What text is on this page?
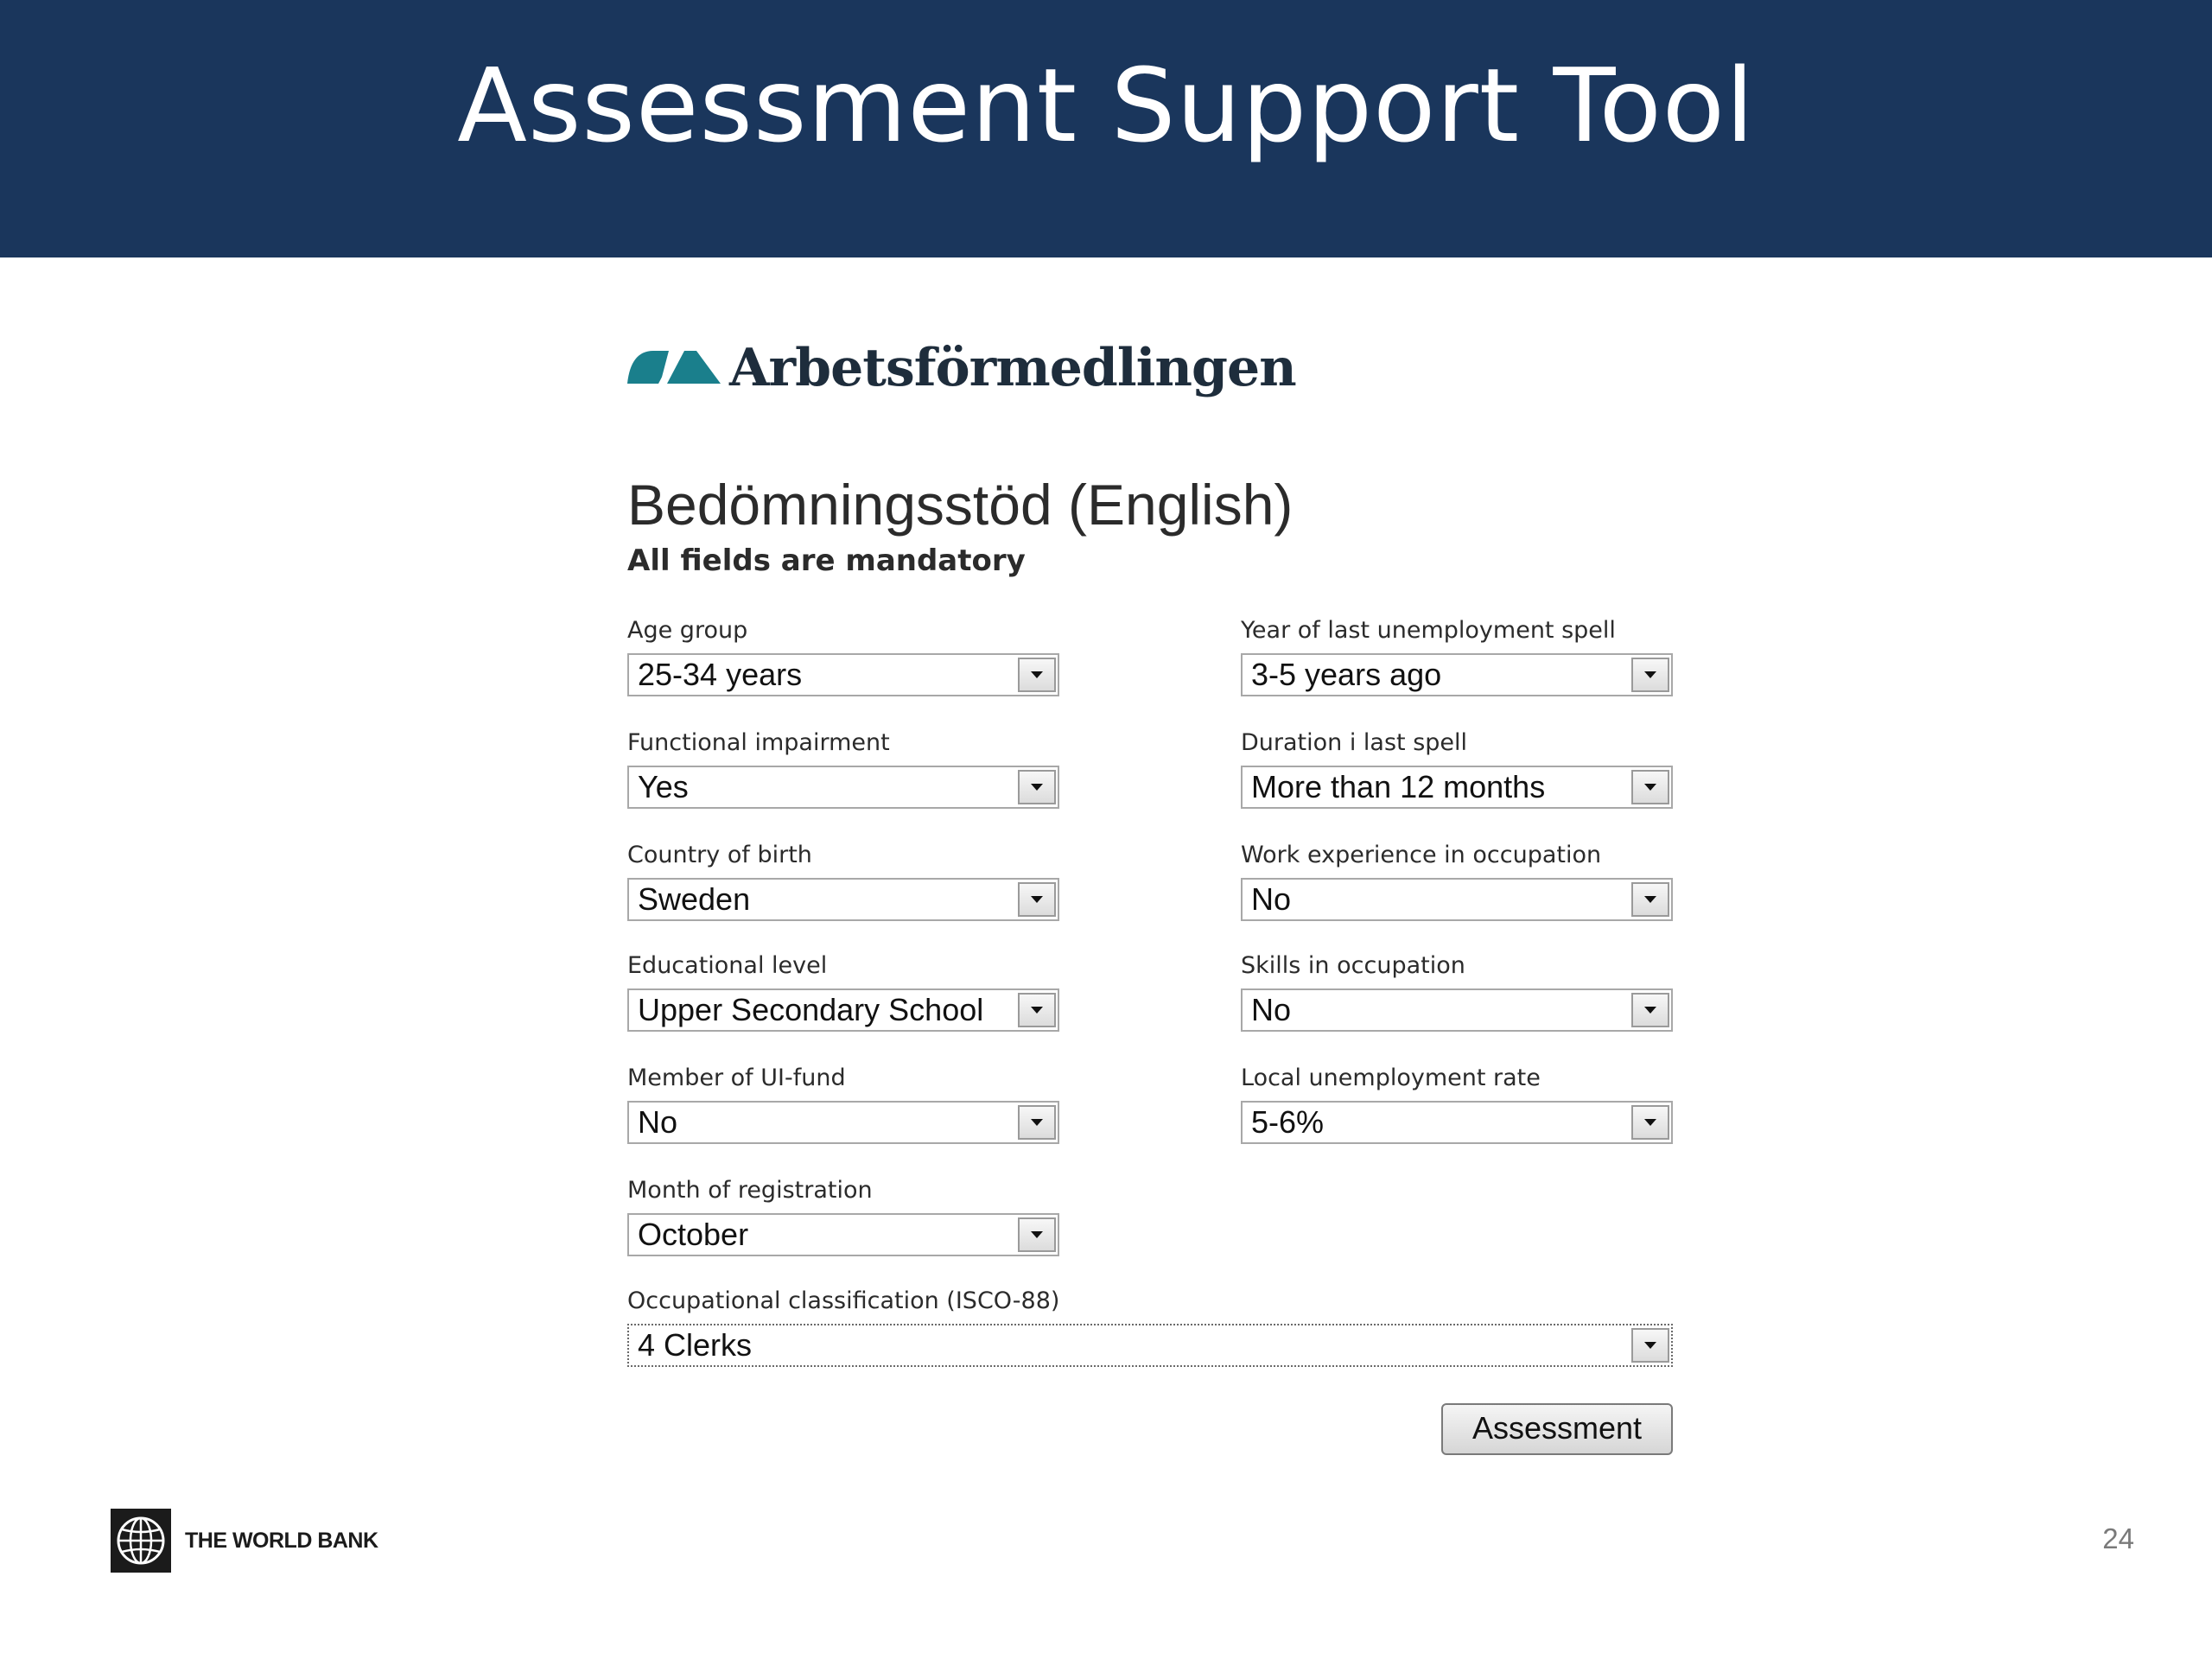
Assessment Support Tool
Arbetsförmedlingen
Bedömningsstöd (English)
All fields are mandatory
Age group
25-34 years
Functional impairment
Yes
Country of birth
Sweden
Educational level
Upper Secondary School
Member of UI-fund
No
Month of registration
October
Year of last unemployment spell
3-5 years ago
Duration i last spell
More than 12 months
Work experience in occupation
No
Skills in occupation
No
Local unemployment rate
5-6%
Occupational classification (ISCO-88)
4 Clerks
Assessment
THE WORLD BANK	24
